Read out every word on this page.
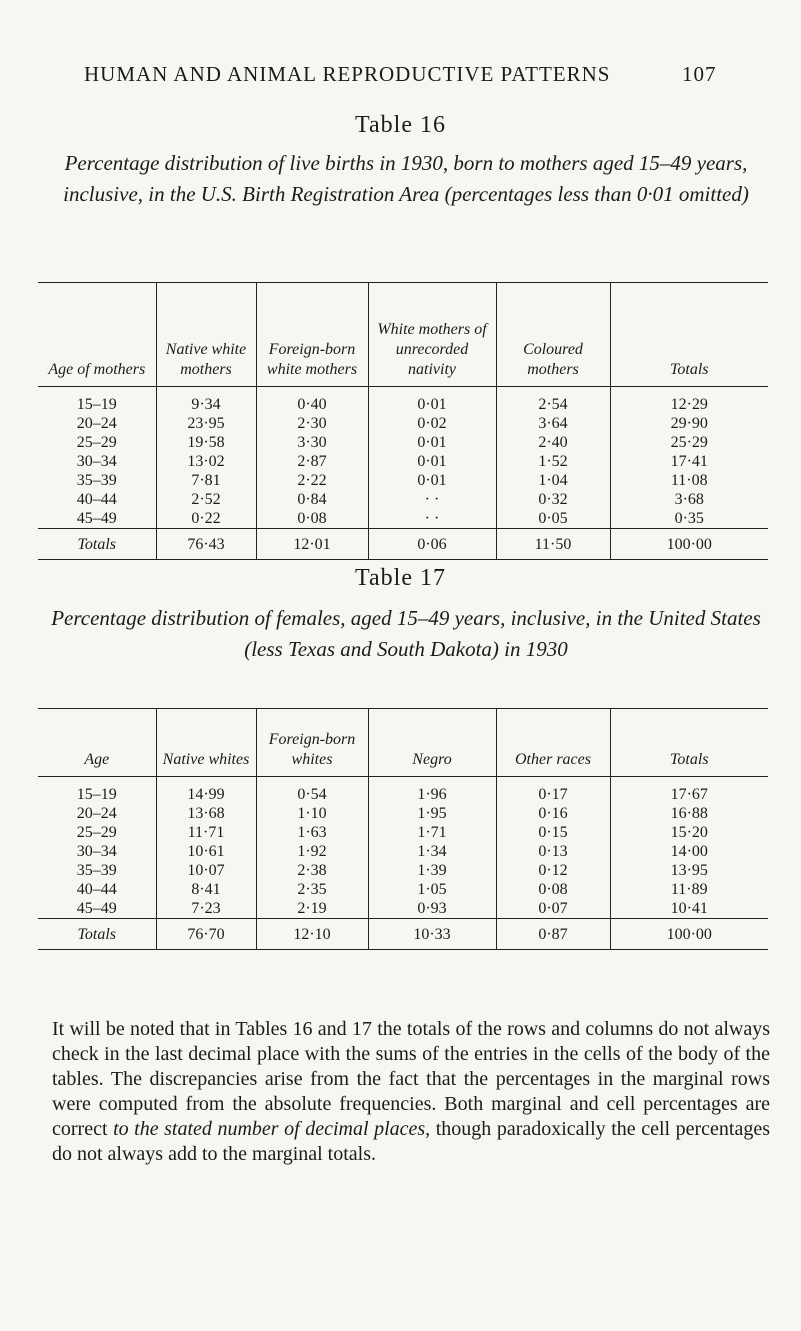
HUMAN AND ANIMAL REPRODUCTIVE PATTERNS	107
Table 16
Percentage distribution of live births in 1930, born to mothers aged 15–49 years, inclusive, in the U.S. Birth Registration Area (percentages less than 0·01 omitted)
Age of mothers	Native white mothers	Foreign-born white mothers	White mothers of unrecorded nativity	Coloured mothers	Totals
15–19	9·34	0·40	0·01	2·54	12·29
20–24	23·95	2·30	0·02	3·64	29·90
25–29	19·58	3·30	0·01	2·40	25·29
30–34	13·02	2·87	0·01	1·52	17·41
35–39	7·81	2·22	0·01	1·04	11·08
40–44	2·52	0·84	· ·	0·32	3·68
45–49	0·22	0·08	· ·	0·05	0·35
Totals	76·43	12·01	0·06	11·50	100·00
Table 17
Percentage distribution of females, aged 15–49 years, inclusive, in the United States (less Texas and South Dakota) in 1930
Age	Native whites	Foreign-born whites	Negro	Other races	Totals
15–19	14·99	0·54	1·96	0·17	17·67
20–24	13·68	1·10	1·95	0·16	16·88
25–29	11·71	1·63	1·71	0·15	15·20
30–34	10·61	1·92	1·34	0·13	14·00
35–39	10·07	2·38	1·39	0·12	13·95
40–44	8·41	2·35	1·05	0·08	11·89
45–49	7·23	2·19	0·93	0·07	10·41
Totals	76·70	12·10	10·33	0·87	100·00
It will be noted that in Tables 16 and 17 the totals of the rows and columns do not always check in the last decimal place with the sums of the entries in the cells of the body of the tables. The discrepancies arise from the fact that the percentages in the marginal rows were computed from the absolute frequencies. Both marginal and cell percentages are correct to the stated number of decimal places, though paradoxically the cell percentages do not always add to the marginal totals.
